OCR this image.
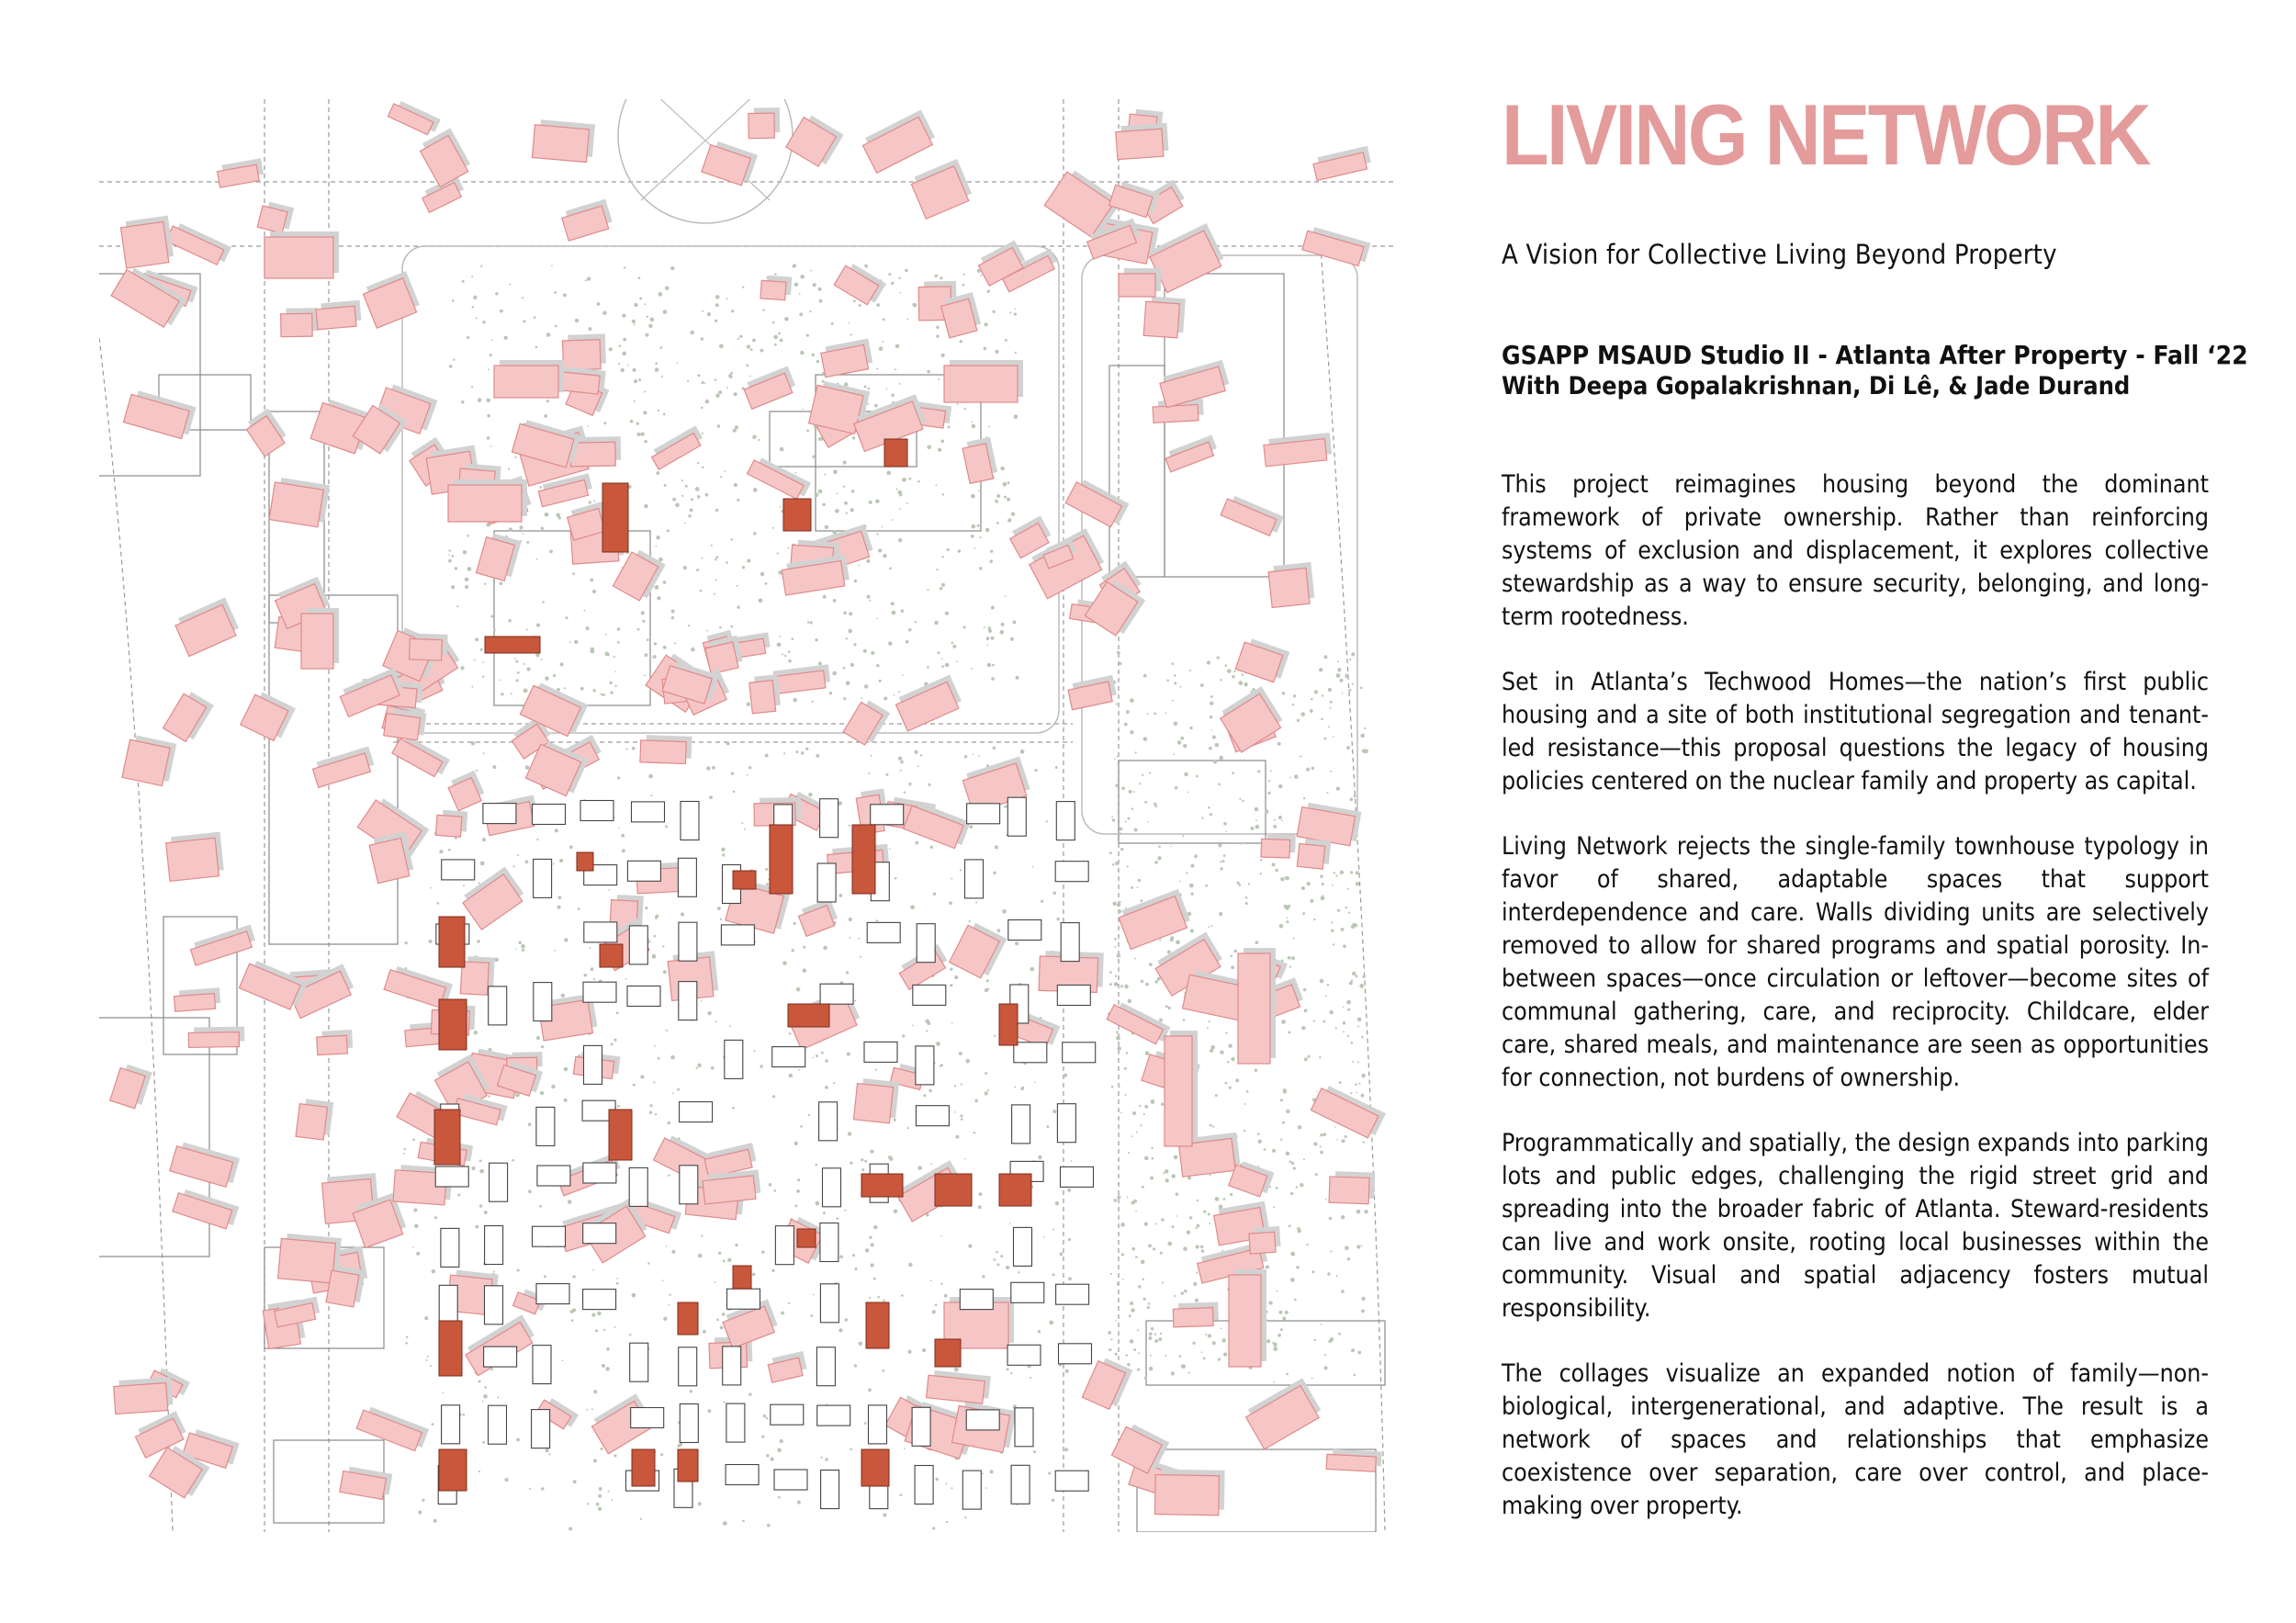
LIVING NETWORK

A Vision for Collective Living Beyond Property

GSAPP MSAUD Studio II - Atlanta After Property - Fall ‘22

With Deepa Gopalakrishnan, Di Lê, & Jade Durand

This project reimagines housing beyond the dominant framework of private ownership. Rather than reinforcing systems of exclusion and displacement, it explores collective stewardship as a way to ensure security, belonging, and long-term rootedness.

Set in Atlanta’s Techwood Homes—the nation’s first public housing and a site of both institutional segregation and tenant-led resistance—this proposal questions the legacy of housing policies centered on the nuclear family and property as capital.

Living Network rejects the single-family townhouse typology in favor of shared, adaptable spaces that support interdependence and care. Walls dividing units are selectively removed to allow for shared programs and spatial porosity. In-between spaces—once circulation or leftover—become sites of communal gathering, care, and reciprocity. Childcare, elder care, shared meals, and maintenance are seen as opportunities for connection, not burdens of ownership.

Programmatically and spatially, the design expands into parking lots and public edges, challenging the rigid street grid and spreading into the broader fabric of Atlanta. Steward-residents can live and work onsite, rooting local businesses within the community. Visual and spatial adjacency fosters mutual responsibility.

The collages visualize an expanded notion of family—non-biological, intergenerational, and adaptive. The result is a network of spaces and relationships that emphasize coexistence over separation, care over control, and place-making over property.
